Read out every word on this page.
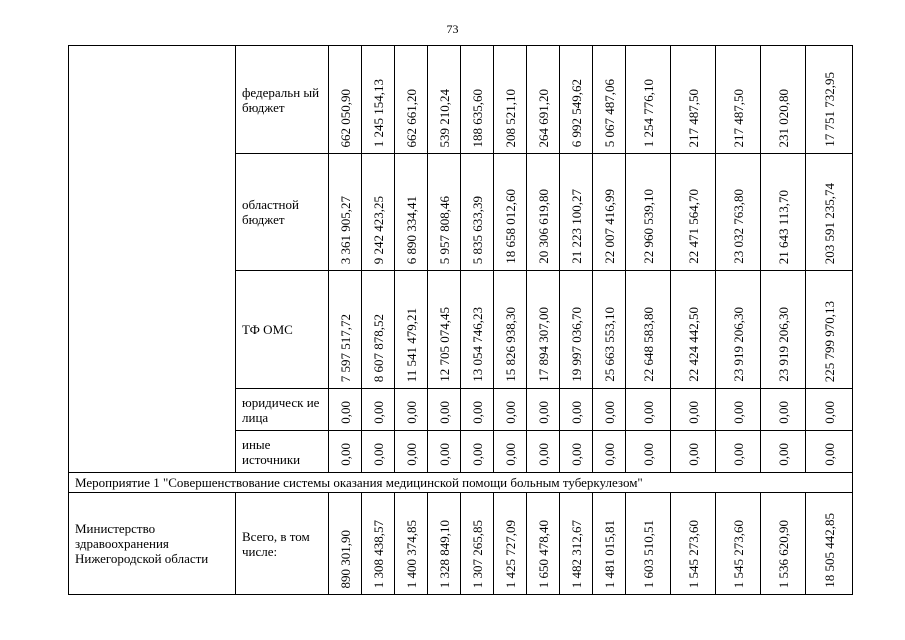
73
	федеральн ый бюджет	662 050,90	1 245 154,13	662 661,20	539 210,24	188 635,60	208 521,10	264 691,20	6 992 549,62	5 067 487,06	1 254 776,10	217 487,50	217 487,50	231 020,80	17 751 732,95

	областной бюджет	3 361 905,27	9 242 423,25	6 890 334,41	5 957 808,46	5 835 633,39	18 658 012,60	20 306 619,80	21 223 100,27	22 007 416,99	22 960 539,10	22 471 564,70	23 032 763,80	21 643 113,70	203 591 235,74

	ТФ ОМС	7 597 517,72	8 607 878,52	11 541 479,21	12 705 074,45	13 054 746,23	15 826 938,30	17 894 307,00	19 997 036,70	25 663 553,10	22 648 583,80	22 424 442,50	23 919 206,30	23 919 206,30	225 799 970,13

	юридическ ие лица	0,00	0,00	0,00	0,00	0,00	0,00	0,00	0,00	0,00	0,00	0,00	0,00	0,00	0,00

	иные источники	0,00	0,00	0,00	0,00	0,00	0,00	0,00	0,00	0,00	0,00	0,00	0,00	0,00	0,00

Мероприятие 1 "Совершенствование системы оказания медицинской помощи больным туберкулезом"															
Министерство здравоохранения Нижегородской области	Всего, в том числе:	890 301,90	1 308 438,57	1 400 374,85	1 328 849,10	1 307 265,85	1 425 727,09	1 650 478,40	1 482 312,67	1 481 015,81	1 603 510,51	1 545 273,60	1 545 273,60	1 536 620,90	18 505 442,85
